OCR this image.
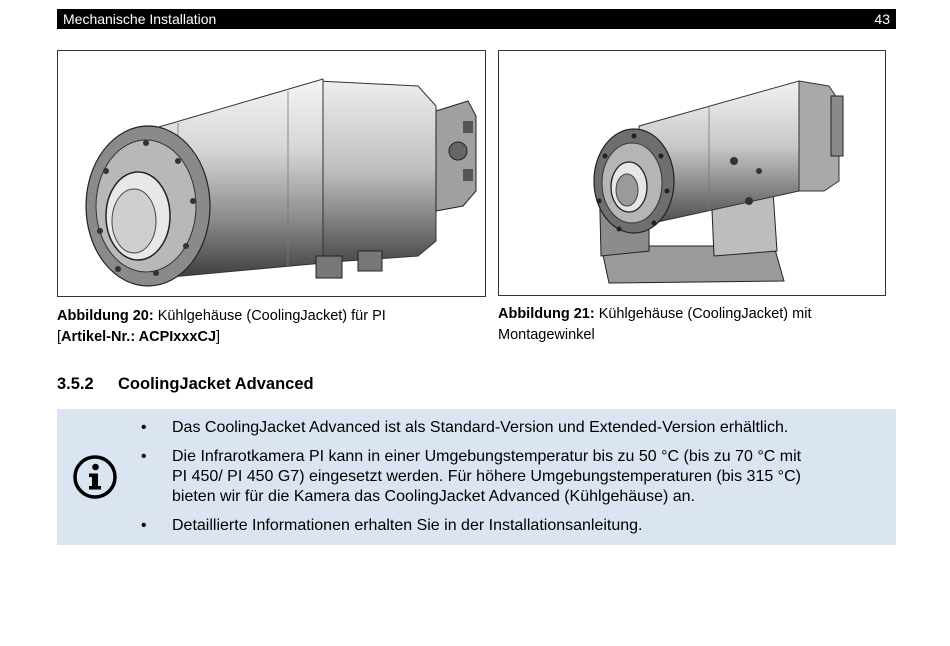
Mechanische Installation	43
Abbildung 20: Kühlgehäuse (CoolingJacket) für PI
[Artikel-Nr.: ACPIxxxCJ]
Abbildung 21: Kühlgehäuse (CoolingJacket) mit
Montagewinkel
3.5.2 CoolingJacket Advanced
• Das CoolingJacket Advanced ist als Standard-Version und Extended-Version erhältlich.
• Die Infrarotkamera PI kann in einer Umgebungstemperatur bis zu 50 °C (bis zu 70 °C mit
PI 450/ PI 450 G7) eingesetzt werden. Für höhere Umgebungstemperaturen (bis 315 °C)
bieten wir für die Kamera das CoolingJacket Advanced (Kühlgehäuse) an.
• Detaillierte Informationen erhalten Sie in der Installationsanleitung.
